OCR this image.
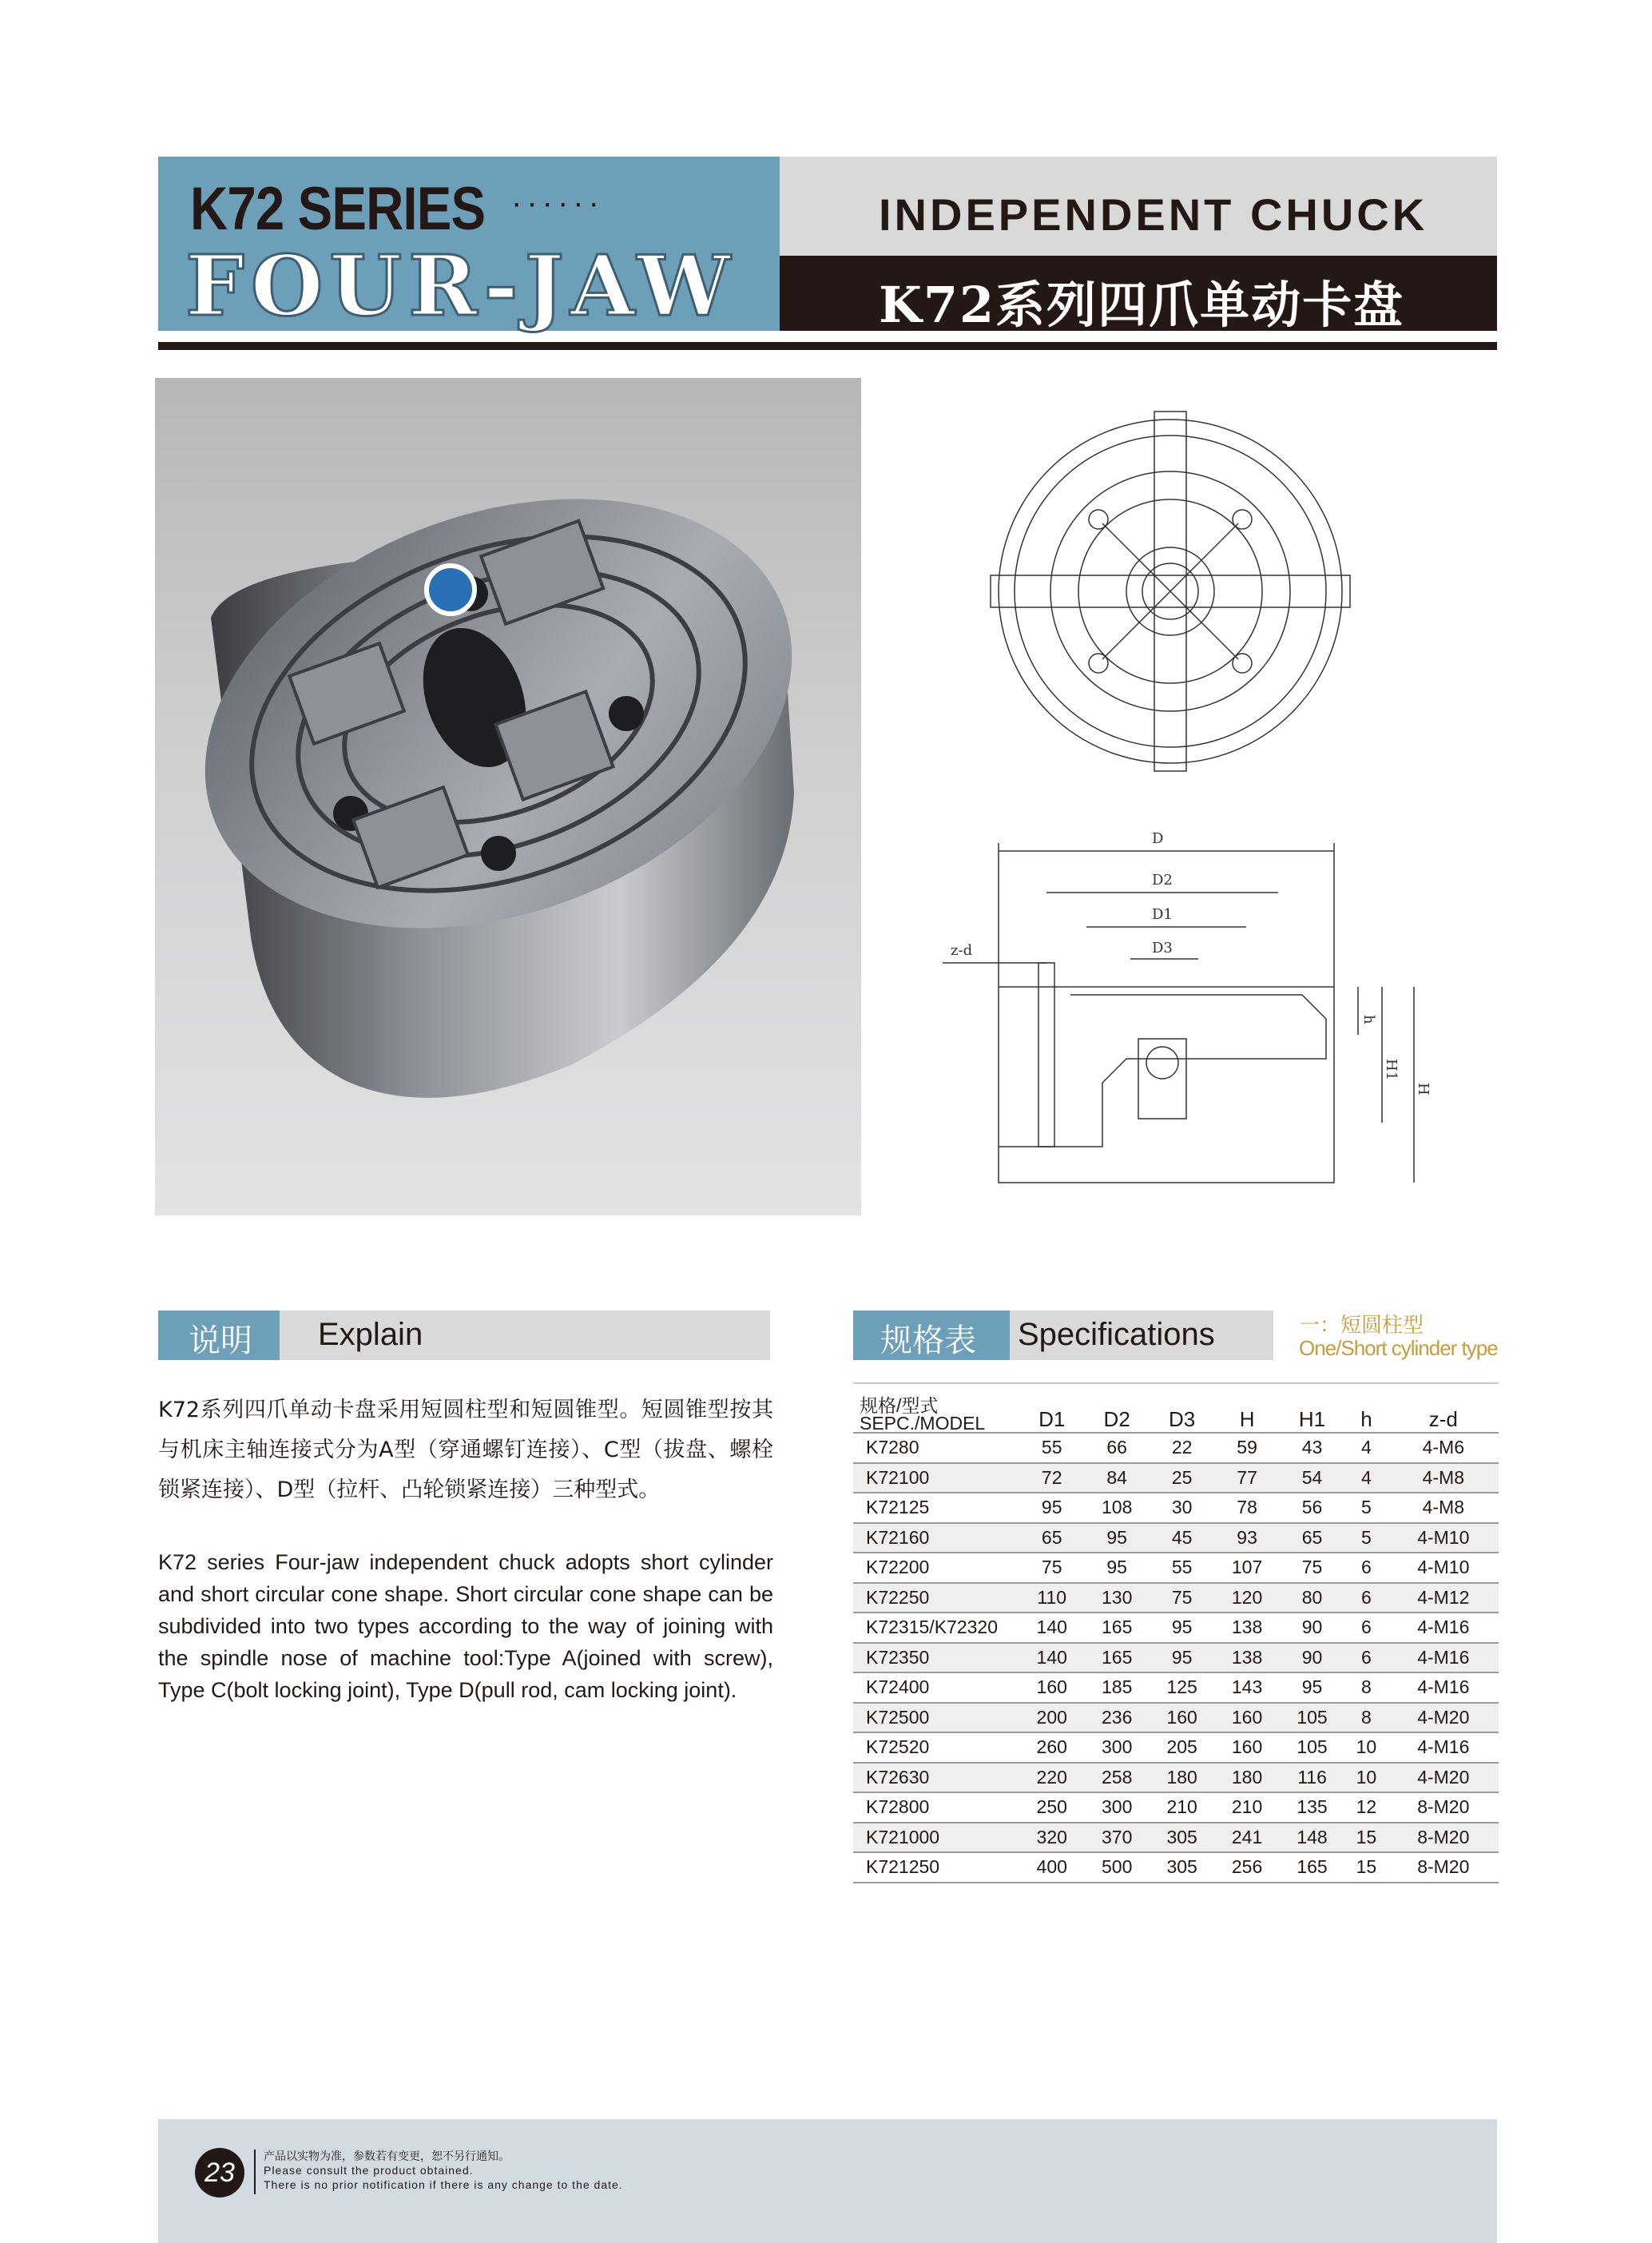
K72 SERIES ······
FOUR-JAW
INDEPENDENT CHUCK
K72系列四爪单动卡盘
D
D2
D1
D3
z-d
h
H1
H
说明 Explain
K72系列四爪单动卡盘采用短圆柱型和短圆锥型。短圆锥型按其与机床主轴连接式分为A型（穿通螺钉连接）、C型（拔盘、螺栓锁紧连接）、D型（拉杆、凸轮锁紧连接）三种型式。
K72 series Four-jaw independent chuck adopts short cylinder and short circular cone shape. Short circular cone shape can be subdivided into two types according to the way of joining with the spindle nose of machine tool:Type A(joined with screw), Type C(bolt locking joint), Type D(pull rod, cam locking joint).
规格表 Specifications	一：短圆柱型
One/Short cylinder type
规格/型式
SEPC./MODEL	D1	D2	D3	H	H1	h	z-d
K7280	55	66	22	59	43	4	4-M6
K72100	72	84	25	77	54	4	4-M8
K72125	95	108	30	78	56	5	4-M8
K72160	65	95	45	93	65	5	4-M10
K72200	75	95	55	107	75	6	4-M10
K72250	110	130	75	120	80	6	4-M12
K72315/K72320	140	165	95	138	90	6	4-M16
K72350	140	165	95	138	90	6	4-M16
K72400	160	185	125	143	95	8	4-M16
K72500	200	236	160	160	105	8	4-M20
K72520	260	300	205	160	105	10	4-M16
K72630	220	258	180	180	116	10	4-M20
K72800	250	300	210	210	135	12	8-M20
K721000	320	370	305	241	148	15	8-M20
K721250	400	500	305	256	165	15	8-M20
23
产品以实物为准，参数若有变更，恕不另行通知。
Please consult the product obtained.
There is no prior notification if there is any change to the date.
